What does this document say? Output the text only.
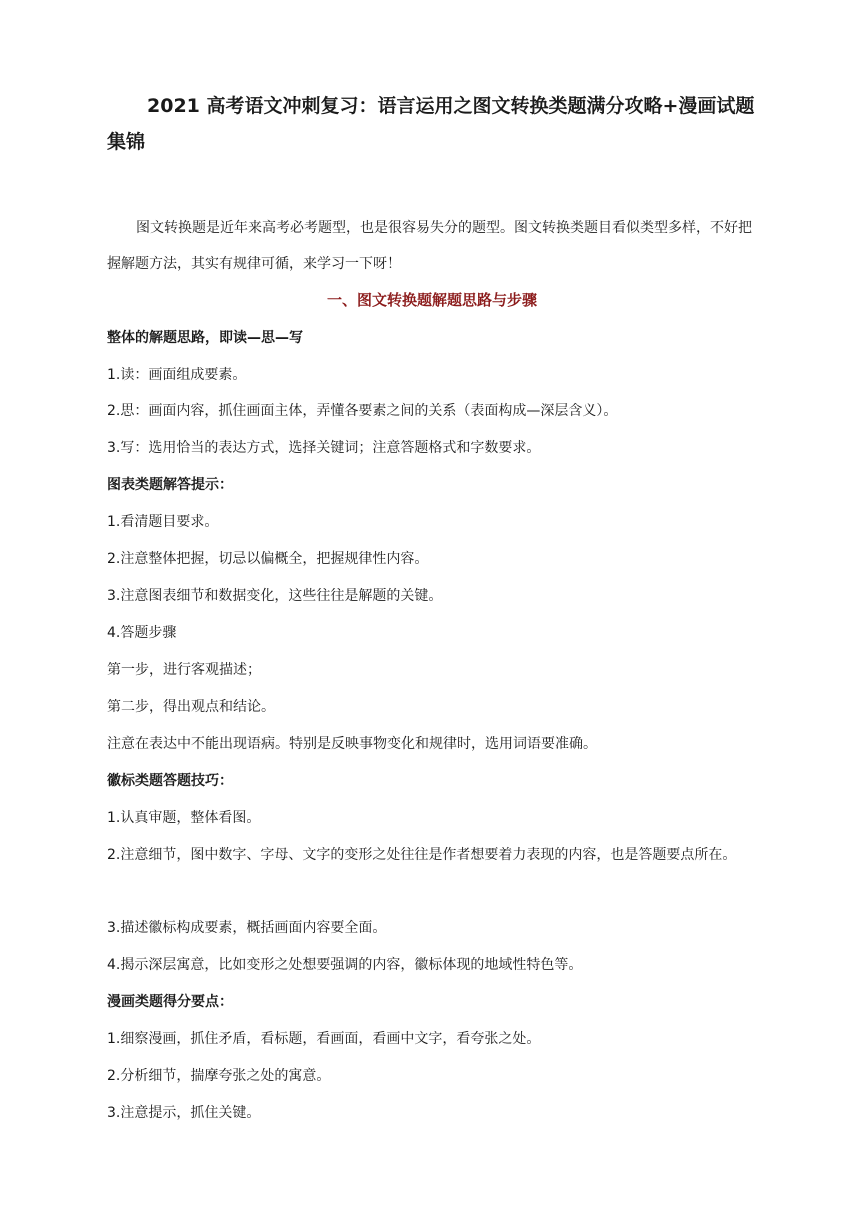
2021 高考语文冲刺复习：语言运用之图文转换类题满分攻略+漫画试题集锦
图文转换题是近年来高考必考题型，也是很容易失分的题型。图文转换类题目看似类型多样，不好把握解题方法，其实有规律可循，来学习一下呀！
一、图文转换题解题思路与步骤
整体的解题思路，即读—思—写
1.读：画面组成要素。
2.思：画面内容，抓住画面主体，弄懂各要素之间的关系（表面构成—深层含义）。
3.写：选用恰当的表达方式，选择关键词；注意答题格式和字数要求。
图表类题解答提示：
1.看清题目要求。
2.注意整体把握，切忌以偏概全，把握规律性内容。
3.注意图表细节和数据变化，这些往往是解题的关键。
4.答题步骤
第一步，进行客观描述；
第二步，得出观点和结论。
注意在表达中不能出现语病。特别是反映事物变化和规律时，选用词语要准确。
徽标类题答题技巧：
1.认真审题，整体看图。
2.注意细节，图中数字、字母、文字的变形之处往往是作者想要着力表现的内容，也是答题要点所在。
3.描述徽标构成要素，概括画面内容要全面。
4.揭示深层寓意，比如变形之处想要强调的内容，徽标体现的地域性特色等。
漫画类题得分要点：
1.细察漫画，抓住矛盾，看标题，看画面，看画中文字，看夸张之处。
2.分析细节，揣摩夸张之处的寓意。
3.注意提示，抓住关键。
